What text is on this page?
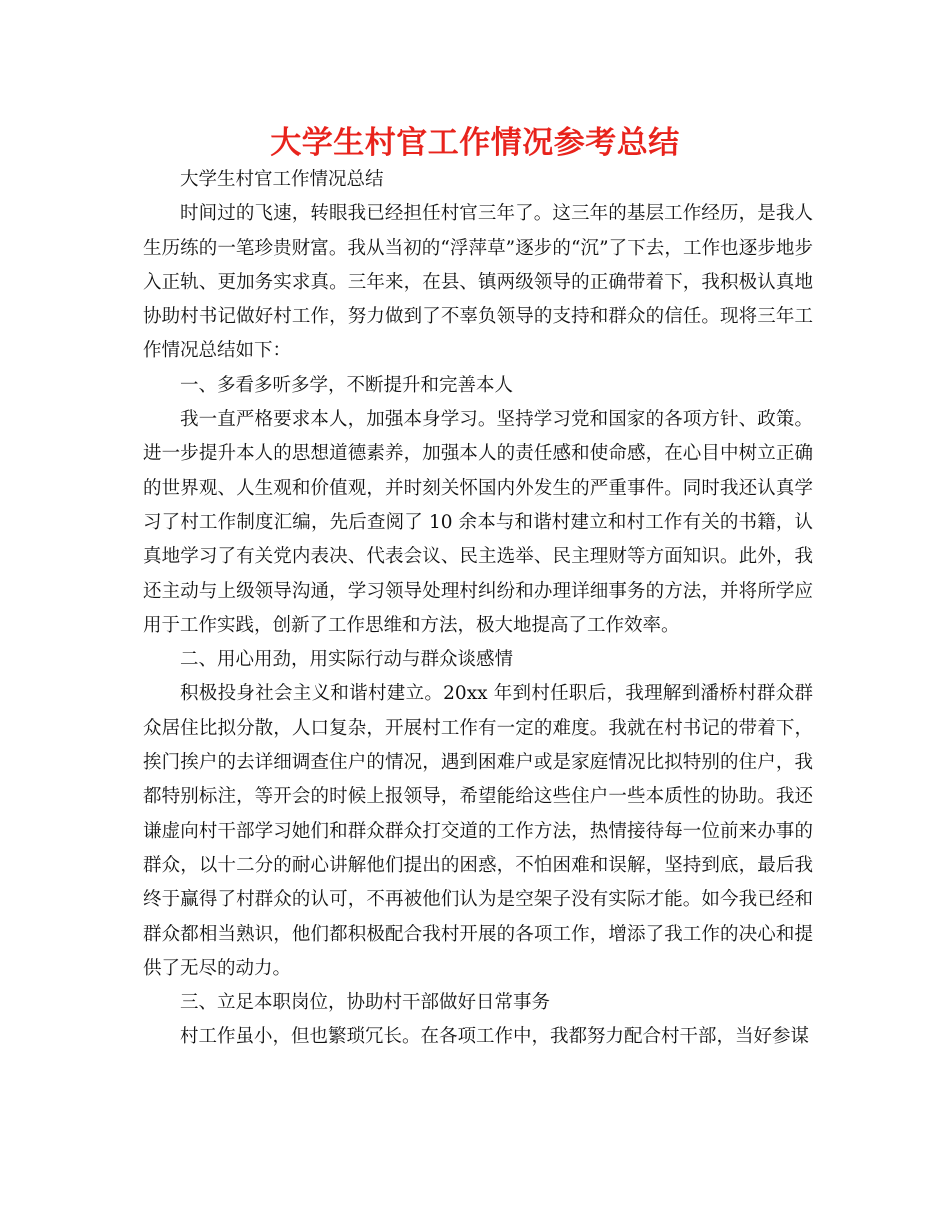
大学生村官工作情况参考总结

大学生村官工作情况总结

时间过的飞速，转眼我已经担任村官三年了。这三年的基层工作经历，是我人生历练的一笔珍贵财富。我从当初的“浮萍草”逐步的“沉”了下去，工作也逐步地步入正轨、更加务实求真。三年来，在县、镇两级领导的正确带着下，我积极认真地协助村书记做好村工作，努力做到了不辜负领导的支持和群众的信任。现将三年工作情况总结如下：

一、多看多听多学，不断提升和完善本人

我一直严格要求本人，加强本身学习。坚持学习党和国家的各项方针、政策。进一步提升本人的思想道德素养，加强本人的责任感和使命感，在心目中树立正确的世界观、人生观和价值观，并时刻关怀国内外发生的严重事件。同时我还认真学习了村工作制度汇编，先后查阅了 10 余本与和谐村建立和村工作有关的书籍，认真地学习了有关党内表决、代表会议、民主选举、民主理财等方面知识。此外，我还主动与上级领导沟通，学习领导处理村纠纷和办理详细事务的方法，并将所学应用于工作实践，创新了工作思维和方法，极大地提高了工作效率。

二、用心用劲，用实际行动与群众谈感情

积极投身社会主义和谐村建立。20xx 年到村任职后，我理解到潘桥村群众群众居住比拟分散，人口复杂，开展村工作有一定的难度。我就在村书记的带着下，挨门挨户的去详细调查住户的情况，遇到困难户或是家庭情况比拟特别的住户，我都特别标注，等开会的时候上报领导，希望能给这些住户一些本质性的协助。我还谦虚向村干部学习她们和群众群众打交道的工作方法，热情接待每一位前来办事的群众，以十二分的耐心讲解他们提出的困惑，不怕困难和误解，坚持到底，最后我终于赢得了村群众的认可，不再被他们认为是空架子没有实际才能。如今我已经和群众都相当熟识，他们都积极配合我村开展的各项工作，增添了我工作的决心和提供了无尽的动力。

三、立足本职岗位，协助村干部做好日常事务

村工作虽小，但也繁琐冗长。在各项工作中，我都努力配合村干部，当好参谋
